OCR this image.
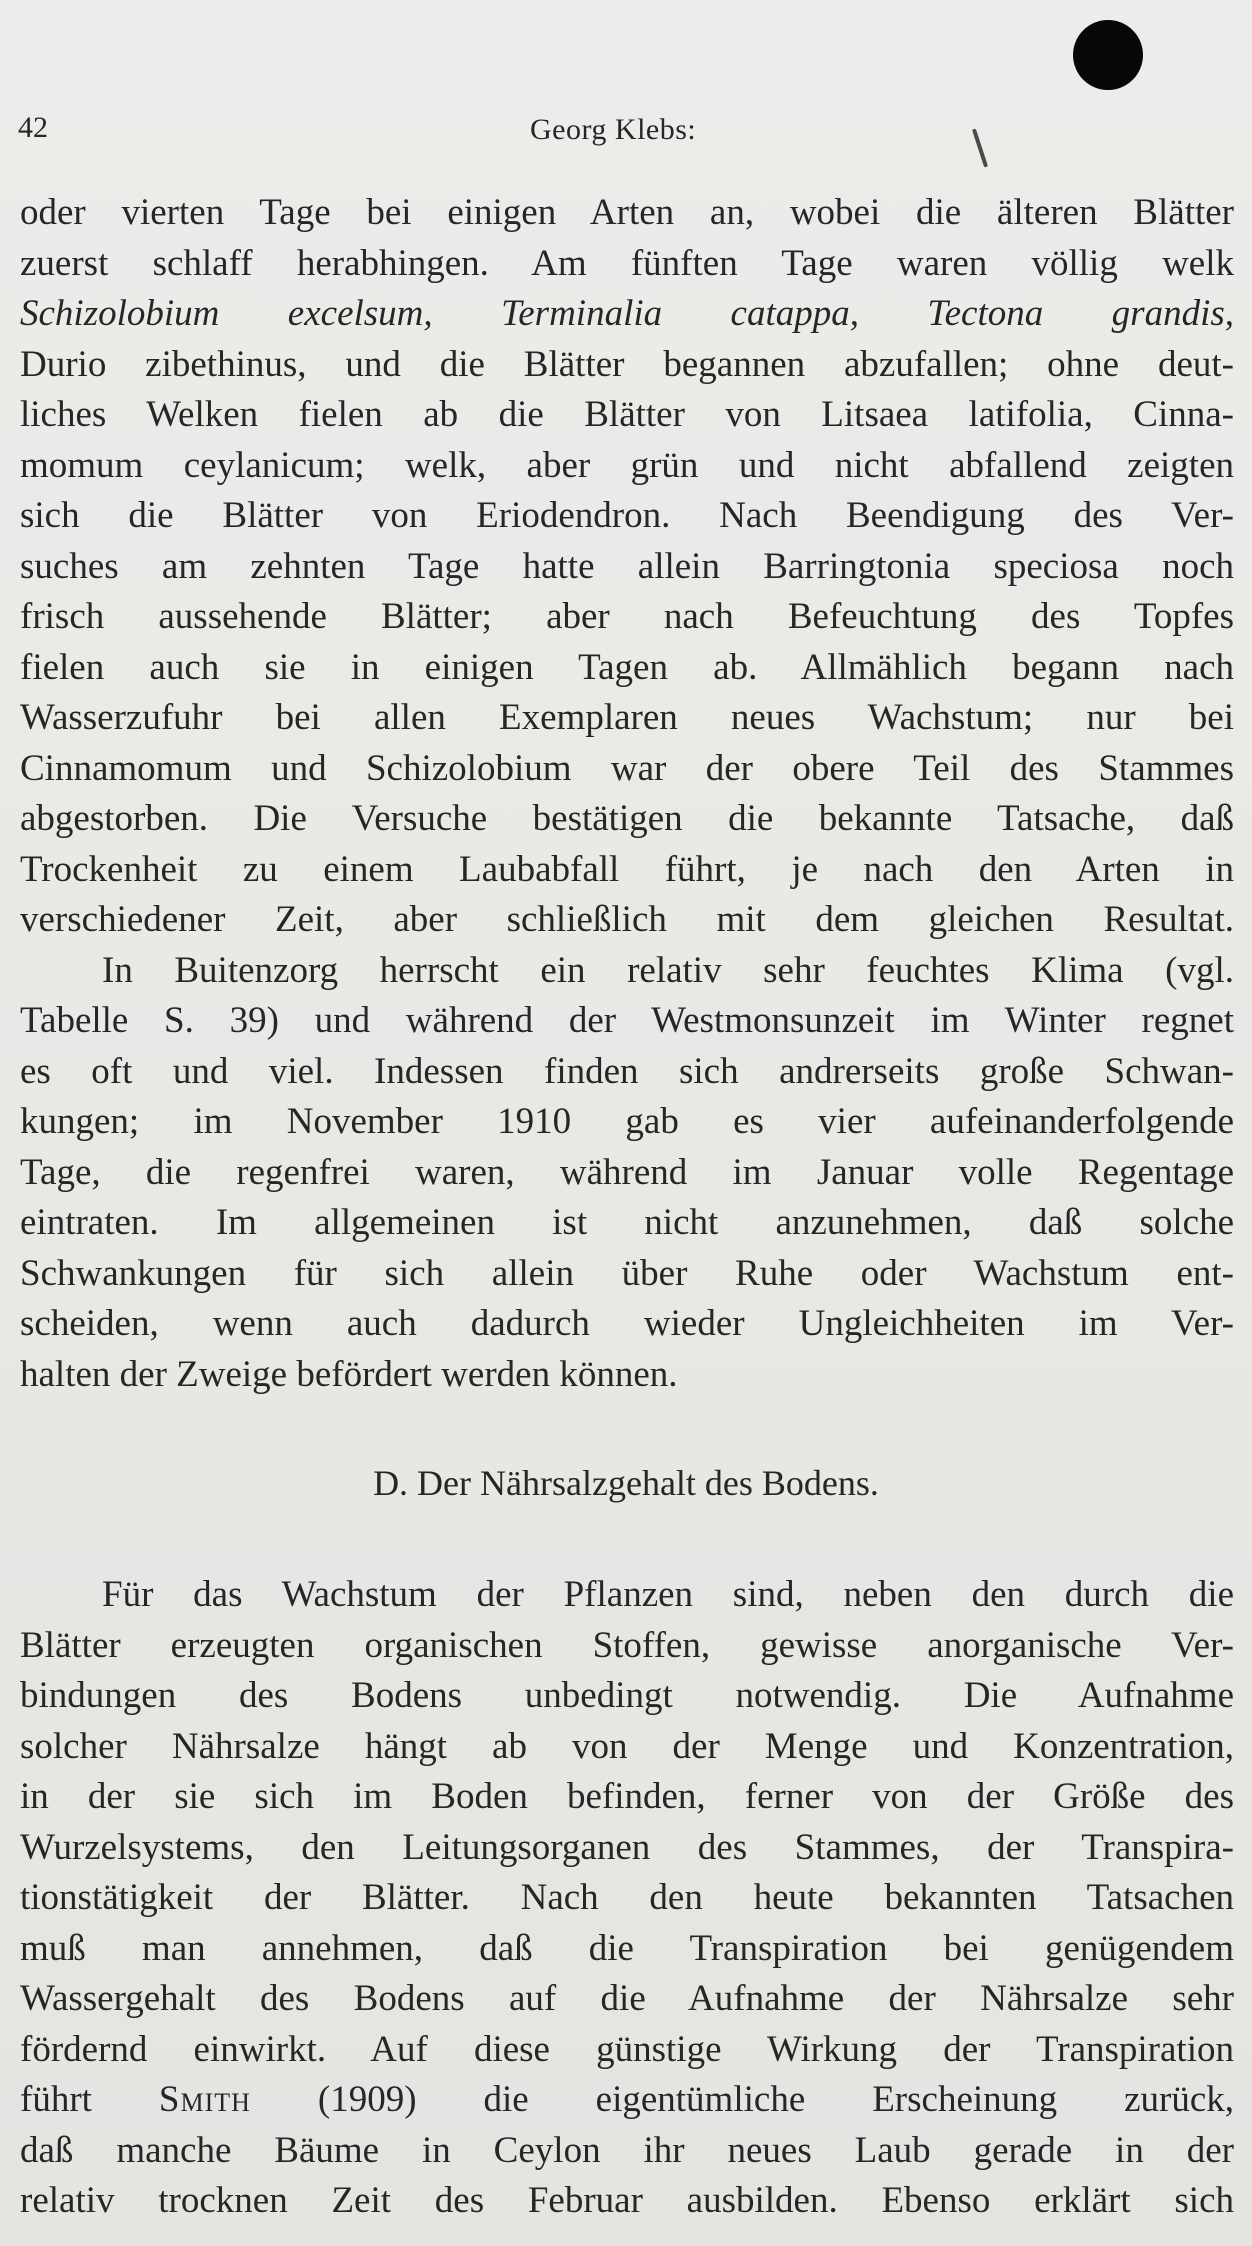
42	Georg Klebs:
oder vierten Tage bei einigen Arten an, wobei die älteren Blätter
zuerst schlaff herabhingen. Am fünften Tage waren völlig welk
Schizolobium excelsum, Terminalia catappa, Tectona grandis,
Durio zibethinus, und die Blätter begannen abzufallen; ohne deut-
liches Welken fielen ab die Blätter von Litsaea latifolia, Cinna-
momum ceylanicum; welk, aber grün und nicht abfallend zeigten
sich die Blätter von Eriodendron. Nach Beendigung des Ver-
suches am zehnten Tage hatte allein Barringtonia speciosa noch
frisch aussehende Blätter; aber nach Befeuchtung des Topfes
fielen auch sie in einigen Tagen ab. Allmählich begann nach
Wasserzufuhr bei allen Exemplaren neues Wachstum; nur bei
Cinnamomum und Schizolobium war der obere Teil des Stammes
abgestorben. Die Versuche bestätigen die bekannte Tatsache, daß
Trockenheit zu einem Laubabfall führt, je nach den Arten in
verschiedener Zeit, aber schließlich mit dem gleichen Resultat.
In Buitenzorg herrscht ein relativ sehr feuchtes Klima (vgl.
Tabelle S. 39) und während der Westmonsunzeit im Winter regnet
es oft und viel. Indessen finden sich andrerseits große Schwan-
kungen; im November 1910 gab es vier aufeinanderfolgende
Tage, die regenfrei waren, während im Januar volle Regentage
eintraten. Im allgemeinen ist nicht anzunehmen, daß solche
Schwankungen für sich allein über Ruhe oder Wachstum ent-
scheiden, wenn auch dadurch wieder Ungleichheiten im Ver-
halten der Zweige befördert werden können.
D. Der Nährsalzgehalt des Bodens.
Für das Wachstum der Pflanzen sind, neben den durch die
Blätter erzeugten organischen Stoffen, gewisse anorganische Ver-
bindungen des Bodens unbedingt notwendig. Die Aufnahme
solcher Nährsalze hängt ab von der Menge und Konzentration,
in der sie sich im Boden befinden, ferner von der Größe des
Wurzelsystems, den Leitungsorganen des Stammes, der Transpira-
tionstätigkeit der Blätter. Nach den heute bekannten Tatsachen
muß man annehmen, daß die Transpiration bei genügendem
Wassergehalt des Bodens auf die Aufnahme der Nährsalze sehr
fördernd einwirkt. Auf diese günstige Wirkung der Transpiration
führt Smith (1909) die eigentümliche Erscheinung zurück,
daß manche Bäume in Ceylon ihr neues Laub gerade in der
relativ trocknen Zeit des Februar ausbilden. Ebenso erklärt sich
